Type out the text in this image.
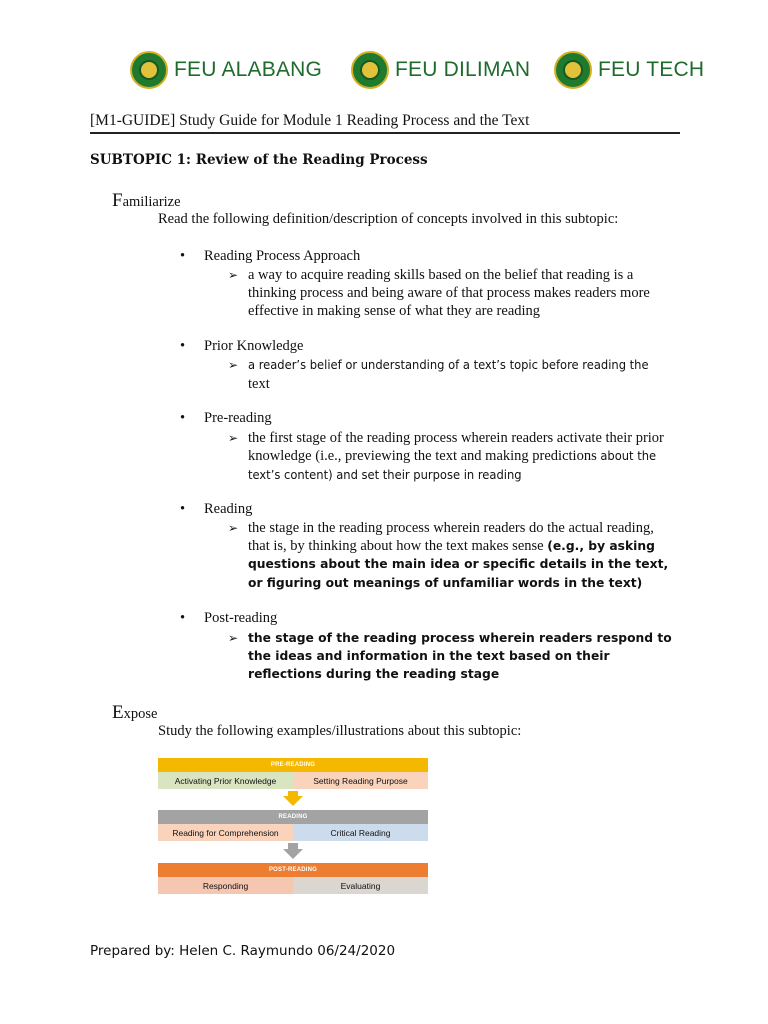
FEU ALABANG	FEU DILIMAN	FEU TECH
[M1-GUIDE] Study Guide for Module 1 Reading Process and the Text
SUBTOPIC 1: Review of the Reading Process
Familiarize
Read the following definition/description of concepts involved in this subtopic:
• Reading Process Approach
➢ a way to acquire reading skills based on the belief that reading is a thinking process and being aware of that process makes readers more effective in making sense of what they are reading
• Prior Knowledge
➢ a reader’s belief or understanding of a text’s topic before reading the
text
• Pre-reading
➢ the first stage of the reading process wherein readers activate their prior knowledge (i.e., previewing the text and making predictions about the text’s content) and set their purpose in reading
• Reading
➢ the stage in the reading process wherein readers do the actual reading, that is, by thinking about how the text makes sense (e.g., by asking questions about the main idea or specific details in the text, or figuring out meanings of unfamiliar words in the text)
• Post-reading
➢ the stage of the reading process wherein readers respond to the ideas and information in the text based on their reflections during the reading stage
Expose
Study the following examples/illustrations about this subtopic:
PRE-READING
Activating Prior Knowledge	Setting Reading Purpose
READING
Reading for Comprehension	Critical Reading
POST-READING
Responding	Evaluating
Prepared by: Helen C. Raymundo 06/24/2020
